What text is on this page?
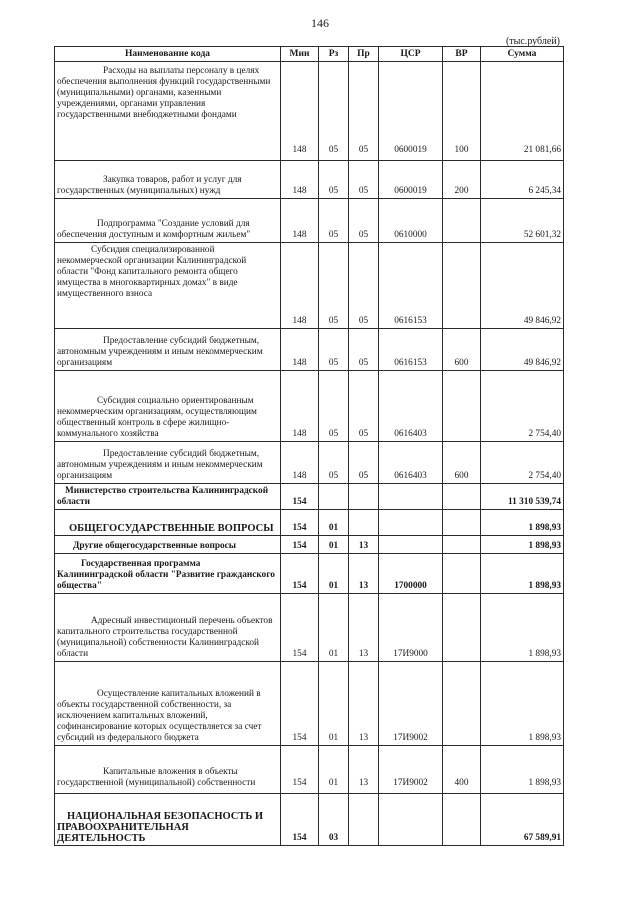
146
(тыс.рублей)
Наименование кода	Мин	Рз	Пр	ЦСР	ВР	Сумма
Расходы на выплаты персоналу в целях обеспечения выполнения функций государственными (муниципальными) органами, казенными учреждениями, органами управления государственными внебюджетными фондами	148	05	05	0600019	100	21 081,66
Закупка товаров, работ и услуг для государственных (муниципальных) нужд	148	05	05	0600019	200	6 245,34
Подпрограмма "Создание условий для обеспечения доступным и комфортным жильем"	148	05	05	0610000		52 601,32
Субсидия специализированной некоммерческой организации Калининградской области "Фонд капитального ремонта общего имущества в многоквартирных домах" в виде имущественного взноса	148	05	05	0616153		49 846,92
Предоставление субсидий бюджетным, автономным учреждениям и иным некоммерческим организациям	148	05	05	0616153	600	49 846,92
Субсидия социально ориентированным некоммерческим организациям, осуществляющим общественный контроль в сфере жилищно-коммунального хозяйства	148	05	05	0616403		2 754,40
Предоставление субсидий бюджетным, автономным учреждениям и иным некоммерческим организациям	148	05	05	0616403	600	2 754,40
Министерство строительства Калининградской области	154					11 310 539,74
ОБЩЕГОСУДАРСТВЕННЫЕ ВОПРОСЫ	154	01				1 898,93
Другие общегосударственные вопросы	154	01	13			1 898,93
Государственная программа Калининградской области "Развитие гражданского общества"	154	01	13	1700000		1 898,93
Адресный инвестиционый перечень объектов капитального строительства государственной (муниципальной) собственности Калининградской области	154	01	13	17И9000		1 898,93
Осуществление капитальных вложений в объекты государственной собственности, за исключением капитальных вложений, софинансирование которых осуществляется за счет субсидий из федерального бюджета	154	01	13	17И9002		1 898,93
Капитальные вложения в объекты государственной (муниципальной) собственности	154	01	13	17И9002	400	1 898,93
НАЦИОНАЛЬНАЯ БЕЗОПАСНОСТЬ И ПРАВООХРАНИТЕЛЬНАЯ ДЕЯТЕЛЬНОСТЬ	154	03				67 589,91
